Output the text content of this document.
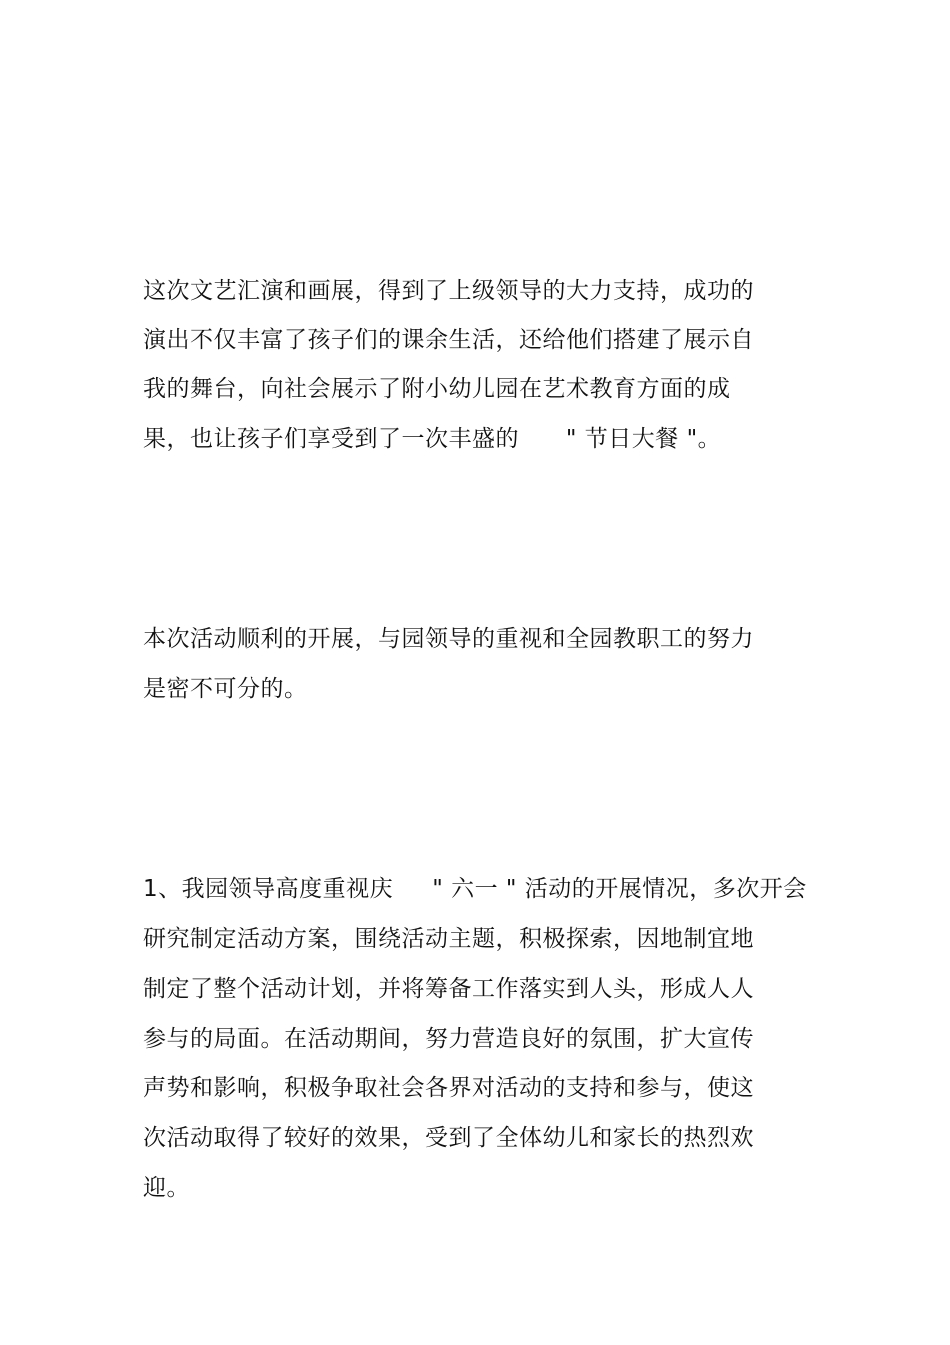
这次文艺汇演和画展，得到了上级领导的大力支持，成功的
演出不仅丰富了孩子们的课余生活，还给他们搭建了展示自
我的舞台，向社会展示了附小幼儿园在艺术教育方面的成
果，也让孩子们享受到了一次丰盛的      " 节日大餐 "。
本次活动顺利的开展，与园领导的重视和全园教职工的努力
是密不可分的。
1、我园领导高度重视庆     " 六一 " 活动的开展情况，多次开会
研究制定活动方案，围绕活动主题，积极探索，因地制宜地
制定了整个活动计划，并将筹备工作落实到人头，形成人人
参与的局面。在活动期间，努力营造良好的氛围，扩大宣传
声势和影响，积极争取社会各界对活动的支持和参与，使这
次活动取得了较好的效果，受到了全体幼儿和家长的热烈欢
迎。
